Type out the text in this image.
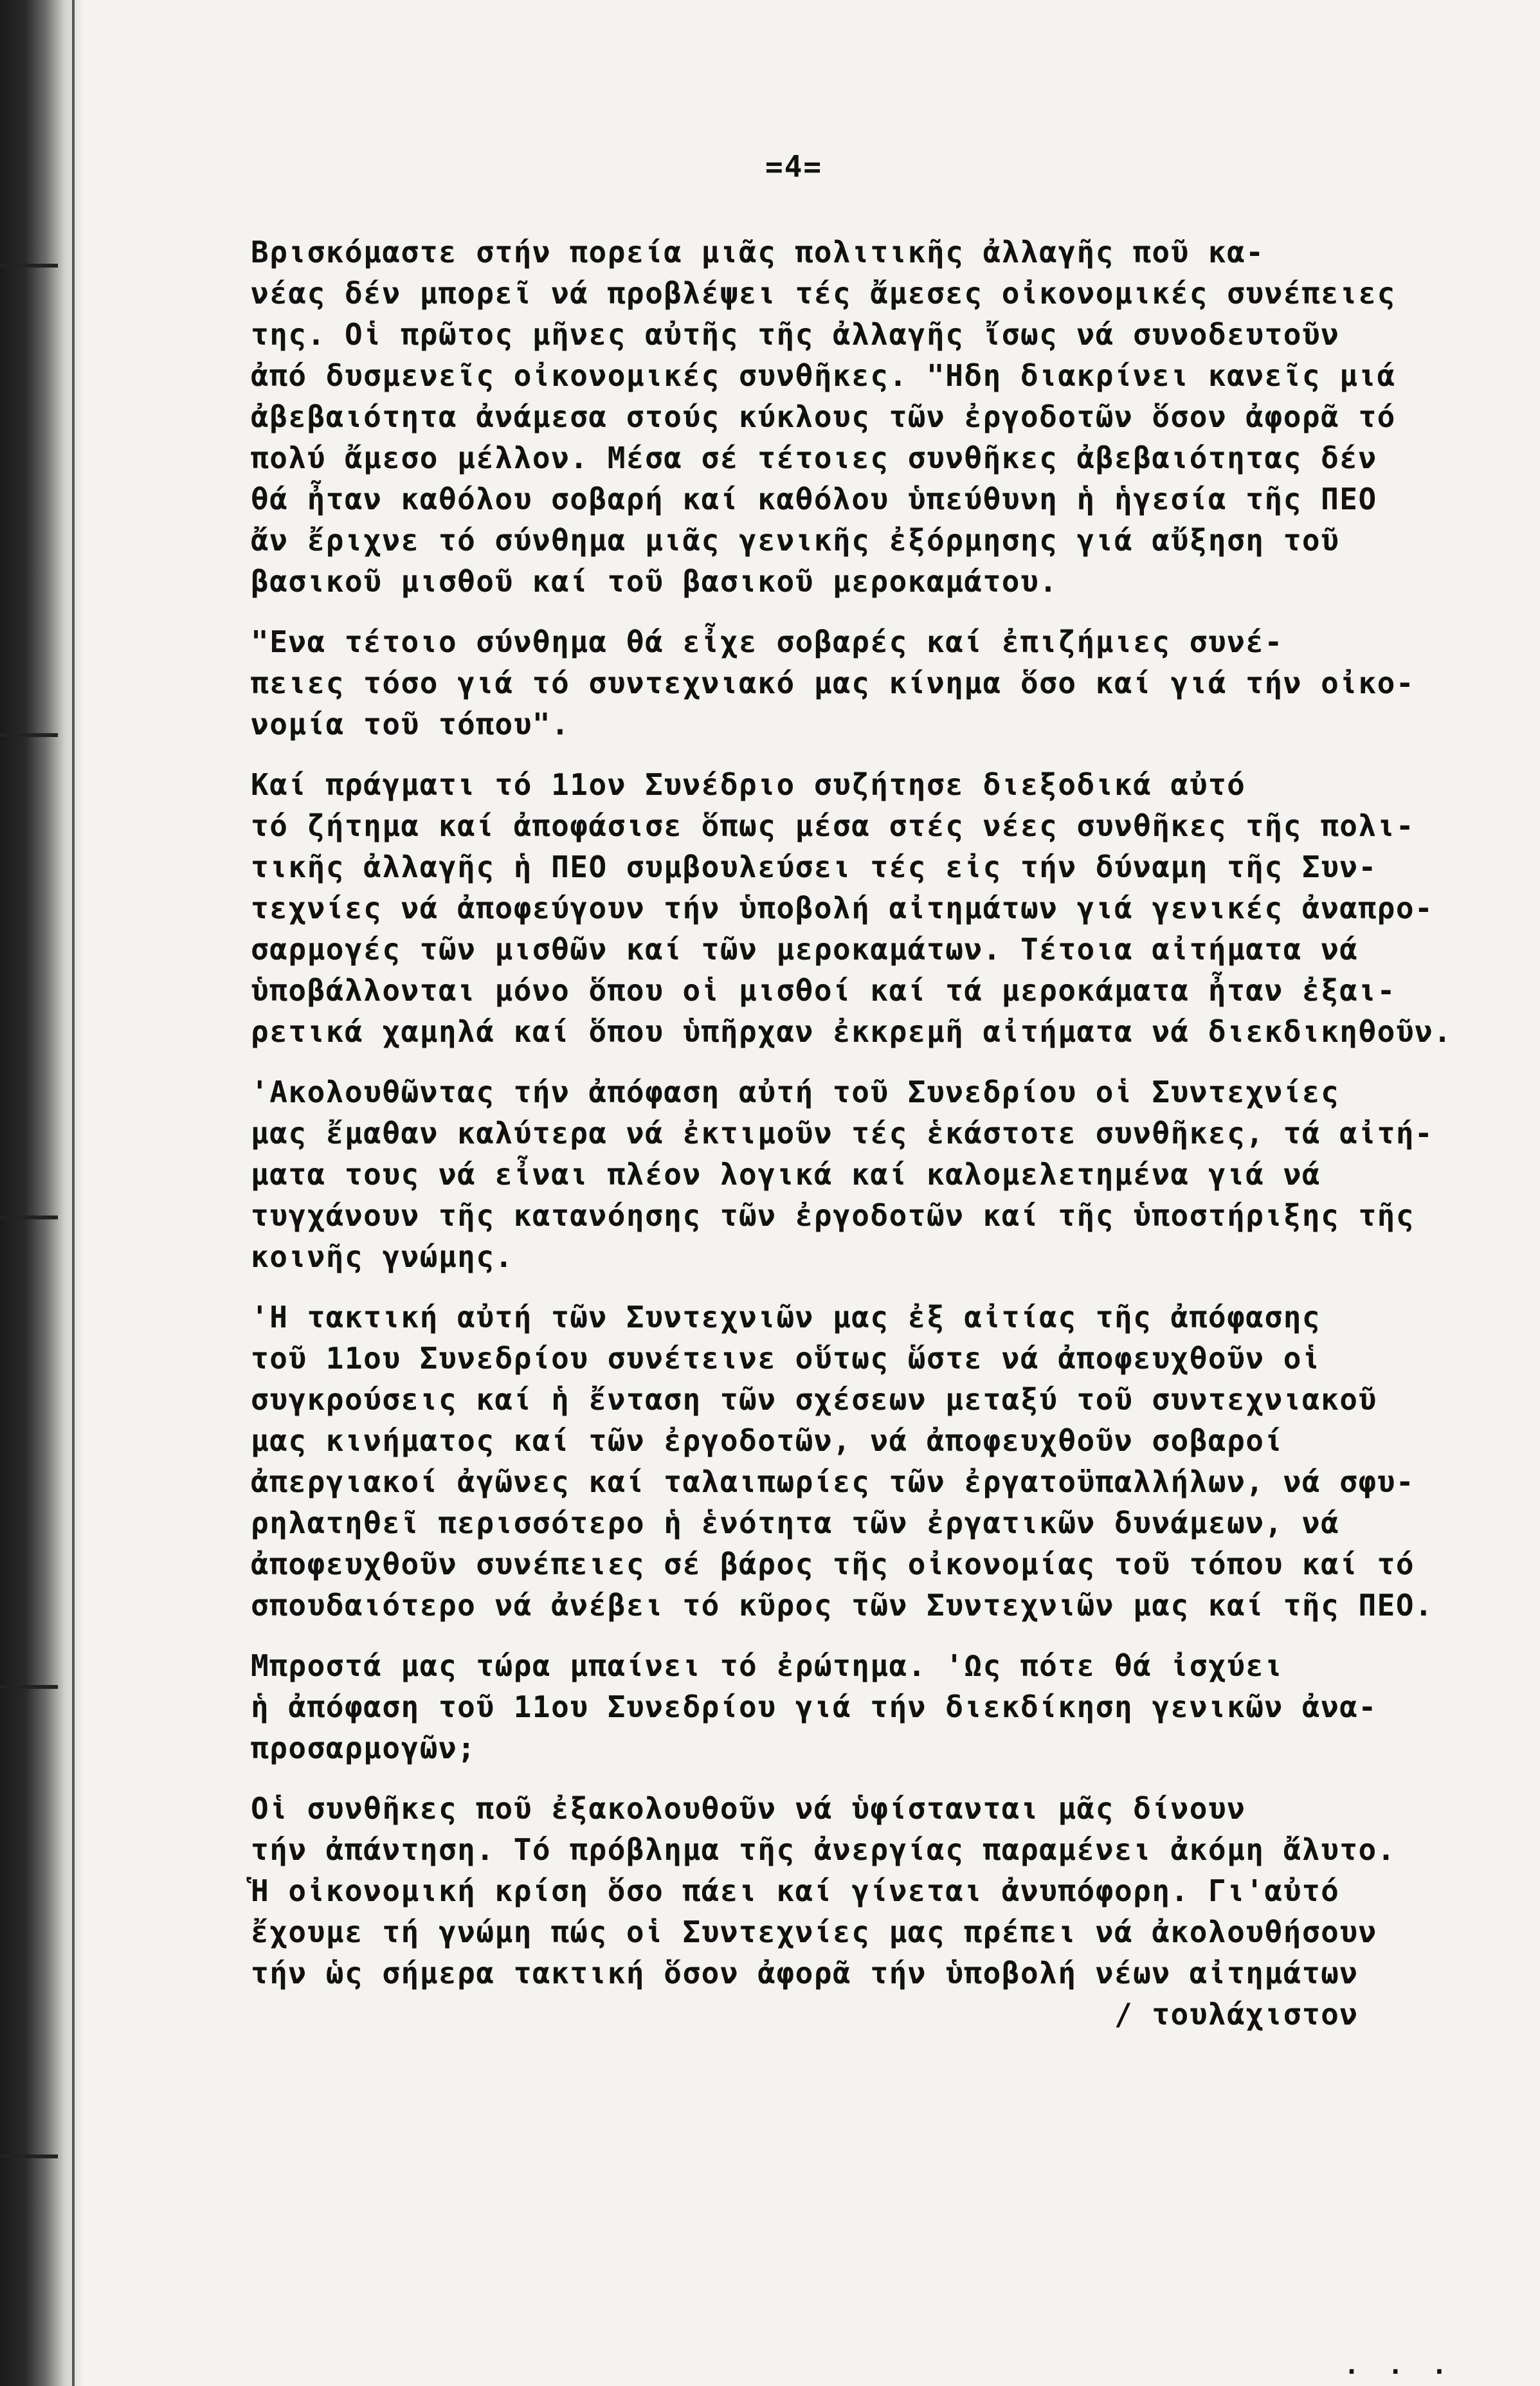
=4=
Βρισκόμαστε στήν πορεία μιᾶς πολιτικῆς ἀλλαγῆς ποῦ κα-
νέας δέν μπορεῖ νά προβλέψει τές ἄμεσες οἰκονομικές συνέπειες
της. Οἱ πρῶτος μῆνες αὐτῆς τῆς ἀλλαγῆς ἴσως νά συνοδευτοῦν
ἀπό δυσμενεῖς οἰκονομικές συνθῆκες. "Ηδη διακρίνει κανεῖς μιά
ἀβεβαιότητα ἀνάμεσα στούς κύκλους τῶν ἐργοδοτῶν ὅσον ἀφορᾶ τό
πολύ ἄμεσο μέλλον. Μέσα σέ τέτοιες συνθῆκες ἀβεβαιότητας δέν
θά ἦταν καθόλου σοβαρή καί καθόλου ὑπεύθυνη ἡ ἡγεσία τῆς ΠΕΟ
ἄν ἔριχνε τό σύνθημα μιᾶς γενικῆς ἐξόρμησης γιά αὔξηση τοῦ
βασικοῦ μισθοῦ καί τοῦ βασικοῦ μεροκαμάτου.
"Ενα τέτοιο σύνθημα θά εἶχε σοβαρές καί ἐπιζήμιες συνέ-
πειες τόσο γιά τό συντεχνιακό μας κίνημα ὅσο καί γιά τήν οἰκο-
νομία τοῦ τόπου".
Καί πράγματι τό 11ον Συνέδριο συζήτησε διεξοδικά αὐτό
τό ζήτημα καί ἀποφάσισε ὅπως μέσα στές νέες συνθῆκες τῆς πολι-
τικῆς ἀλλαγῆς ἡ ΠΕΟ συμβουλεύσει τές εἰς τήν δύναμη τῆς Συν-
τεχνίες νά ἀποφεύγουν τήν ὑποβολή αἰτημάτων γιά γενικές ἀναπρο-
σαρμογές τῶν μισθῶν καί τῶν μεροκαμάτων. Τέτοια αἰτήματα νά
ὑποβάλλονται μόνο ὅπου οἱ μισθοί καί τά μεροκάματα ἦταν ἐξαι-
ρετικά χαμηλά καί ὅπου ὑπῆρχαν ἐκκρεμῆ αἰτήματα νά διεκδικηθοῦν.
'Ακολουθῶντας τήν ἀπόφαση αὐτή τοῦ Συνεδρίου οἱ Συντεχνίες
μας ἔμαθαν καλύτερα νά ἐκτιμοῦν τές ἑκάστοτε συνθῆκες, τά αἰτή-
ματα τους νά εἶναι πλέον λογικά καί καλομελετημένα γιά νά
τυγχάνουν τῆς κατανόησης τῶν ἐργοδοτῶν καί τῆς ὑποστήριξης τῆς
κοινῆς γνώμης.
'Η τακτική αὐτή τῶν Συντεχνιῶν μας ἐξ αἰτίας τῆς ἀπόφασης
τοῦ 11ου Συνεδρίου συνέτεινε οὕτως ὥστε νά ἀποφευχθοῦν οἱ
συγκρούσεις καί ἡ ἔνταση τῶν σχέσεων μεταξύ τοῦ συντεχνιακοῦ
μας κινήματος καί τῶν ἐργοδοτῶν, νά ἀποφευχθοῦν σοβαροί
ἀπεργιακοί ἀγῶνες καί ταλαιπωρίες τῶν ἐργατοϋπαλλήλων, νά σφυ-
ρηλατηθεῖ περισσότερο ἡ ἑνότητα τῶν ἐργατικῶν δυνάμεων, νά
ἀποφευχθοῦν συνέπειες σέ βάρος τῆς οἰκονομίας τοῦ τόπου καί τό
σπουδαιότερο νά ἀνέβει τό κῦρος τῶν Συντεχνιῶν μας καί τῆς ΠΕΟ.
Μπροστά μας τώρα μπαίνει τό ἐρώτημα. 'Ως πότε θά ἰσχύει
ἡ ἀπόφαση τοῦ 11ου Συνεδρίου γιά τήν διεκδίκηση γενικῶν ἀνα-
προσαρμογῶν;
Οἱ συνθῆκες ποῦ ἐξακολουθοῦν νά ὑφίστανται μᾶς δίνουν
τήν ἀπάντηση. Τό πρόβλημα τῆς ἀνεργίας παραμένει ἀκόμη ἄλυτο.
Ἡ οἰκονομική κρίση ὅσο πάει καί γίνεται ἀνυπόφορη. Γι'αὐτό
ἔχουμε τή γνώμη πώς οἱ Συντεχνίες μας πρέπει νά ἀκολουθήσουν
τήν ὡς σήμερα τακτική ὅσον ἀφορᾶ τήν ὑποβολή νέων αἰτημάτων
/ τουλάχιστον
. . .
